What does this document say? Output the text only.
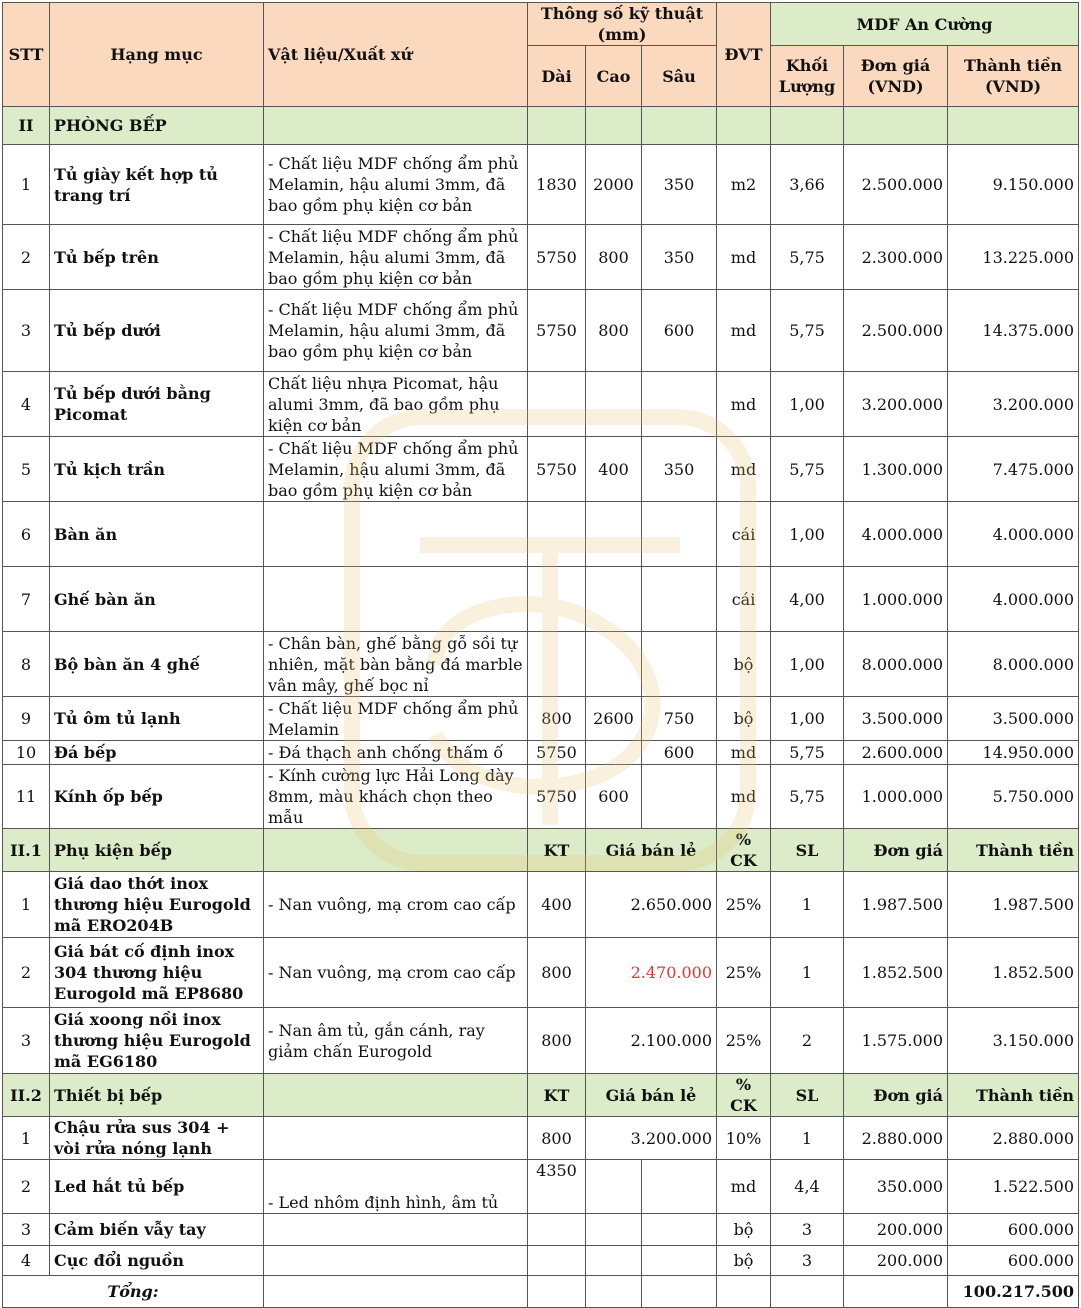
STT	Hạng mục	Vật liệu/Xuất xứ	Thông số kỹ thuật (mm)			ĐVT	MDF An Cường		
			Dài	Cao	Sâu		Khối Lượng	Đơn giá (VND)	Thành tiền (VND)
II	PHÒNG BẾP								
1	Tủ giày kết hợp tủ trang trí	- Chất liệu MDF chống ẩm phủ Melamin, hậu alumi 3mm, đã bao gồm phụ kiện cơ bản	1830	2000	350	m2	3,66	2.500.000	9.150.000
2	Tủ bếp trên	- Chất liệu MDF chống ẩm phủ Melamin, hậu alumi 3mm, đã bao gồm phụ kiện cơ bản	5750	800	350	md	5,75	2.300.000	13.225.000
3	Tủ bếp dưới	- Chất liệu MDF chống ẩm phủ Melamin, hậu alumi 3mm, đã bao gồm phụ kiện cơ bản	5750	800	600	md	5,75	2.500.000	14.375.000
4	Tủ bếp dưới bằng Picomat	Chất liệu nhựa Picomat, hậu alumi 3mm, đã bao gồm phụ kiện cơ bản				md	1,00	3.200.000	3.200.000
5	Tủ kịch trần	- Chất liệu MDF chống ẩm phủ Melamin, hậu alumi 3mm, đã bao gồm phụ kiện cơ bản	5750	400	350	md	5,75	1.300.000	7.475.000
6	Bàn ăn					cái	1,00	4.000.000	4.000.000
7	Ghế bàn ăn					cái	4,00	1.000.000	4.000.000
8	Bộ bàn ăn 4 ghế	- Chân bàn, ghế bằng gỗ sồi tự nhiên, mặt bàn bằng đá marble vân mây, ghế bọc nỉ				bộ	1,00	8.000.000	8.000.000
9	Tủ ôm tủ lạnh	- Chất liệu MDF chống ẩm phủ Melamin	800	2600	750	bộ	1,00	3.500.000	3.500.000
10	Đá bếp	- Đá thạch anh chống thấm ố	5750		600	md	5,75	2.600.000	14.950.000
11	Kính ốp bếp	- Kính cường lực Hải Long dày 8mm, màu khách chọn theo mẫu	5750	600		md	5,75	1.000.000	5.750.000
II.1	Phụ kiện bếp		KT	Giá bán lẻ		% CK	SL	Đơn giá	Thành tiền
1	Giá dao thớt inox thương hiệu Eurogold mã ERO204B	- Nan vuông, mạ crom cao cấp	400	2.650.000		25%	1	1.987.500	1.987.500
2	Giá bát cố định inox 304 thương hiệu Eurogold mã EP8680	- Nan vuông, mạ crom cao cấp	800	2.470.000		25%	1	1.852.500	1.852.500
3	Giá xoong nồi inox thương hiệu Eurogold mã EG6180	- Nan âm tủ, gắn cánh, ray giảm chấn Eurogold	800	2.100.000		25%	2	1.575.000	3.150.000
II.2	Thiết bị bếp		KT	Giá bán lẻ		% CK	SL	Đơn giá	Thành tiền
1	Chậu rửa sus 304 + vòi rửa nóng lạnh		800	3.200.000		10%	1	2.880.000	2.880.000
2	Led hắt tủ bếp	- Led nhôm định hình, âm tủ	4350			md	4,4	350.000	1.522.500
3	Cảm biến vẫy tay					bộ	3	200.000	600.000
4	Cục đổi nguồn					bộ	3	200.000	600.000
Tổng:									100.217.500
